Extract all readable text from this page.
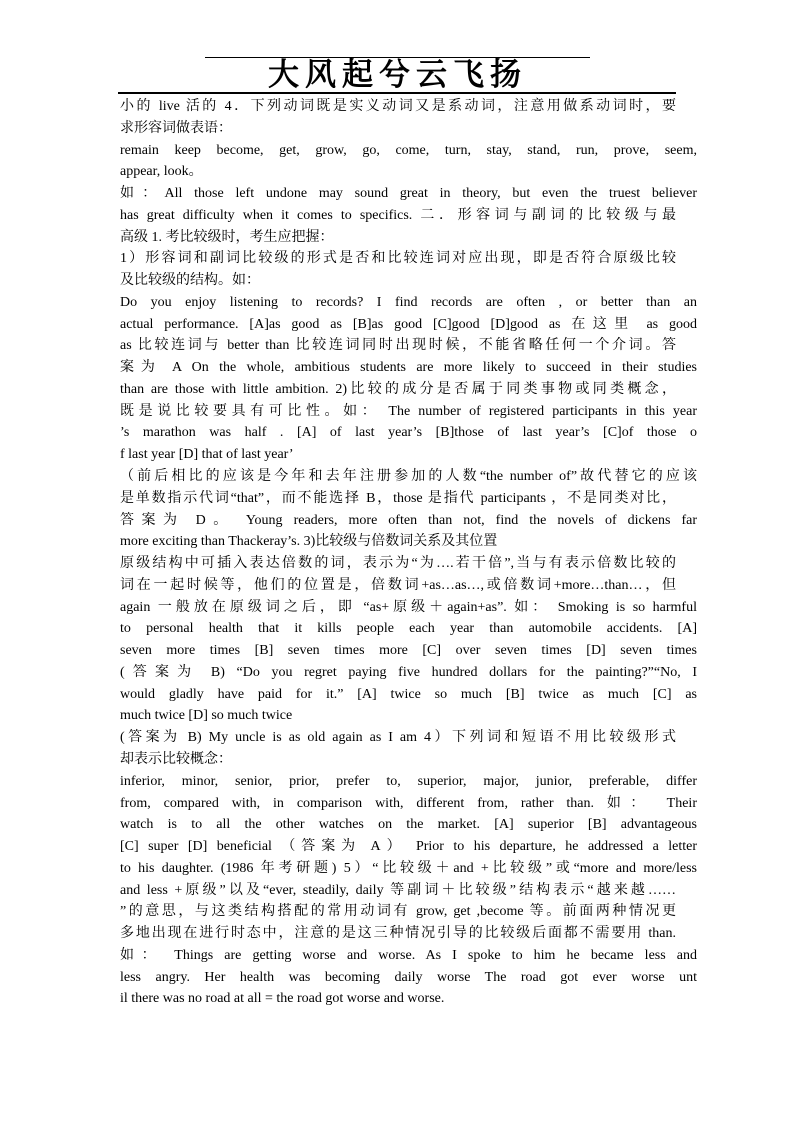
大风起兮云飞扬
小的 live 活的 4．下列动词既是实义动词又是系动词，注意用做系动词时，要
求形容词做表语：
remain keep become, get, grow, go, come, turn, stay, stand, run, prove, seem,
appear, look。
如：All those left undone may sound great in theory, but even the truest believer
has great difficulty when it comes to specifics. 二．形容词与副词的比较级与最
高级 1. 考比较级时，考生应把握：
1）形容词和副词比较级的形式是否和比较连词对应出现，即是否符合原级比较
及比较级的结构。如：
Do you enjoy listening to records? I find records are often , or better than an
actual performance. [A]as good as [B]as good [C]good [D]good as 在这里 as good
as 比较连词与 better than 比较连词同时出现时候，不能省略任何一个介词。答
案为 A On the whole, ambitious students are more likely to succeed in their studies
than are those with little ambition. 2)比较的成分是否属于同类事物或同类概念，
既是说比较要具有可比性。如： The number of registered participants in this year
’s marathon was half . [A] of last year’s [B]those of last year’s [C]of those o
f last year [D] that of last year’
（前后相比的应该是今年和去年注册参加的人数“the number of”故代替它的应该
是单数指示代词“that”，而不能选择 B，those 是指代 participants ，不是同类对比，
答案为 D。 Young readers, more often than not, find the novels of dickens far
more exciting than Thackeray’s. 3)比较级与倍数词关系及其位置
原级结构中可插入表达倍数的词，表示为“为….若干倍”,当与有表示倍数比较的
词在一起时候等，他们的位置是，倍数词+as…as…,或倍数词+more…than…，但
again 一般放在原级词之后，即 “as+原级＋again+as”. 如： Smoking is so harmful
to personal health that it kills people each year than automobile accidents. [A]
seven more times [B] seven times more [C] over seven times [D] seven times
(答案为 B) “Do you regret paying five hundred dollars for the painting?”“No, I
would gladly have paid for it.” [A] twice so much [B] twice as much [C] as
much twice [D] so much twice
(答案为 B) My uncle is as old again as I am 4）下列词和短语不用比较级形式
却表示比较概念：
inferior, minor, senior, prior, prefer to, superior, major, junior, preferable, differ
from, compared with, in comparison with, different from, rather than. 如： Their
watch is to all the other watches on the market. [A] superior [B] advantageous
[C] super [D] beneficial （答案为 A） Prior to his departure, he addressed a letter
to his daughter. (1986 年考研题) 5）“比较级＋and +比较级”或“more and more/less
and less +原级”以及“ever, steadily, daily 等副词＋比较级”结构表示“越来越……
”的意思，与这类结构搭配的常用动词有 grow, get ,become 等。前面两种情况更
多地出现在进行时态中，注意的是这三种情况引导的比较级后面都不需要用 than.
如： Things are getting worse and worse. As I spoke to him he became less and
less angry. Her health was becoming daily worse The road got ever worse unt
il there was no road at all = the road got worse and worse.
